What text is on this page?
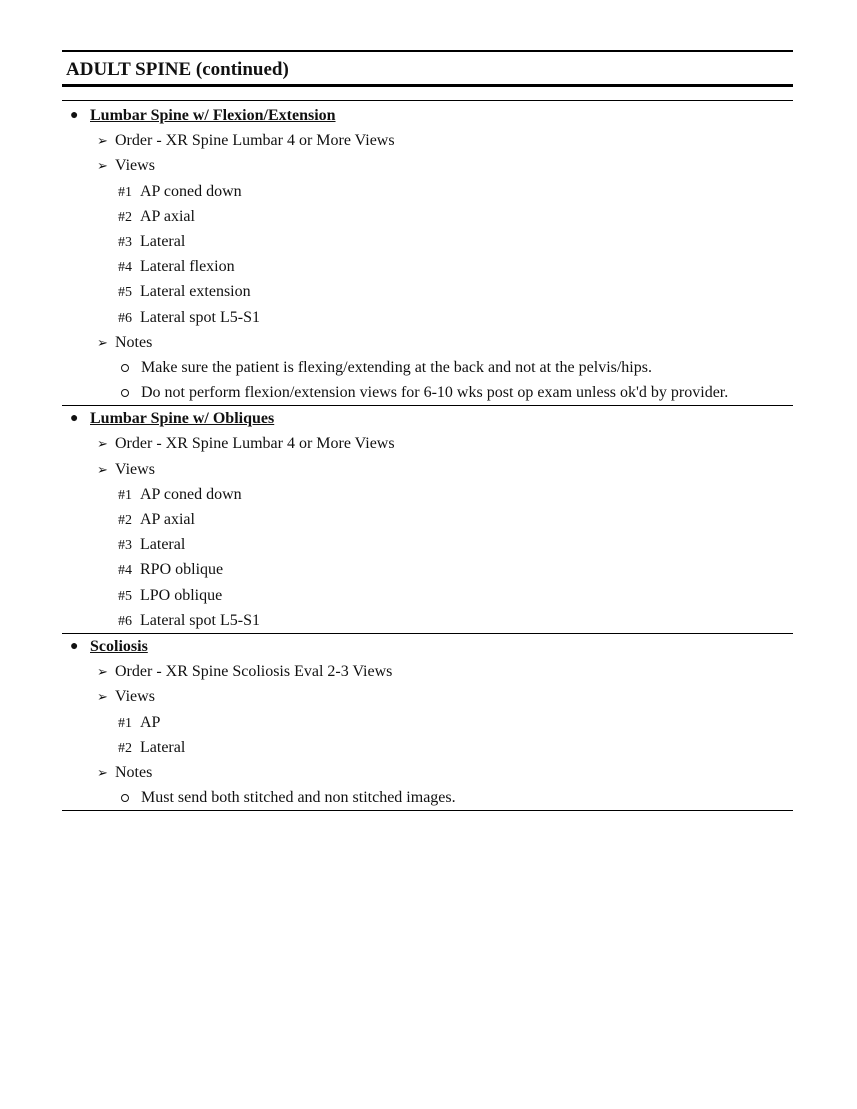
ADULT SPINE (continued)
● Lumbar Spine w/ Flexion/Extension
➢ Order - XR Spine Lumbar 4 or More Views
➢ Views
#1 AP coned down
#2 AP axial
#3 Lateral
#4 Lateral flexion
#5 Lateral extension
#6 Lateral spot L5-S1
➢ Notes
Make sure the patient is flexing/extending at the back and not at the pelvis/hips.
Do not perform flexion/extension views for 6-10 wks post op exam unless ok'd by provider.
● Lumbar Spine w/ Obliques
➢ Order - XR Spine Lumbar 4 or More Views
➢ Views
#1 AP coned down
#2 AP axial
#3 Lateral
#4 RPO oblique
#5 LPO oblique
#6 Lateral spot L5-S1
● Scoliosis
➢ Order - XR Spine Scoliosis Eval 2-3 Views
➢ Views
#1 AP
#2 Lateral
➢ Notes
Must send both stitched and non stitched images.
